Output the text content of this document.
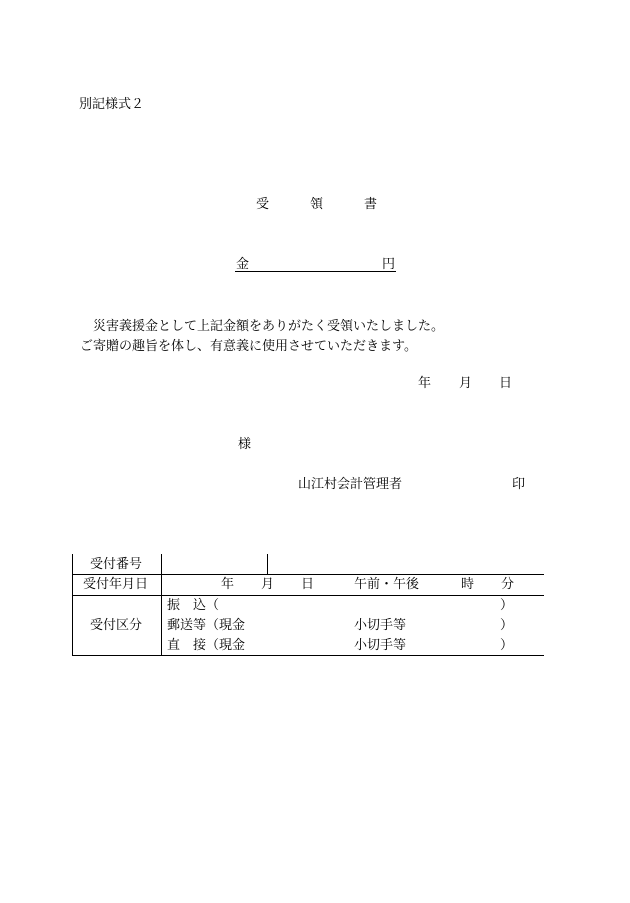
別記様式２
受	領	書
金	円
災害義援金として上記金額をありがたく受領いたしました。
ご寄贈の趣旨を体し、有意義に使用させていただきます。
年 月 日
様
山江村会計管理者	印
受付番号
受付年月日	年 月 日	午前・午後	時 分
受付区分
振　込（	）
郵送等（現金	小切手等	）
直　接（現金	小切手等	）
